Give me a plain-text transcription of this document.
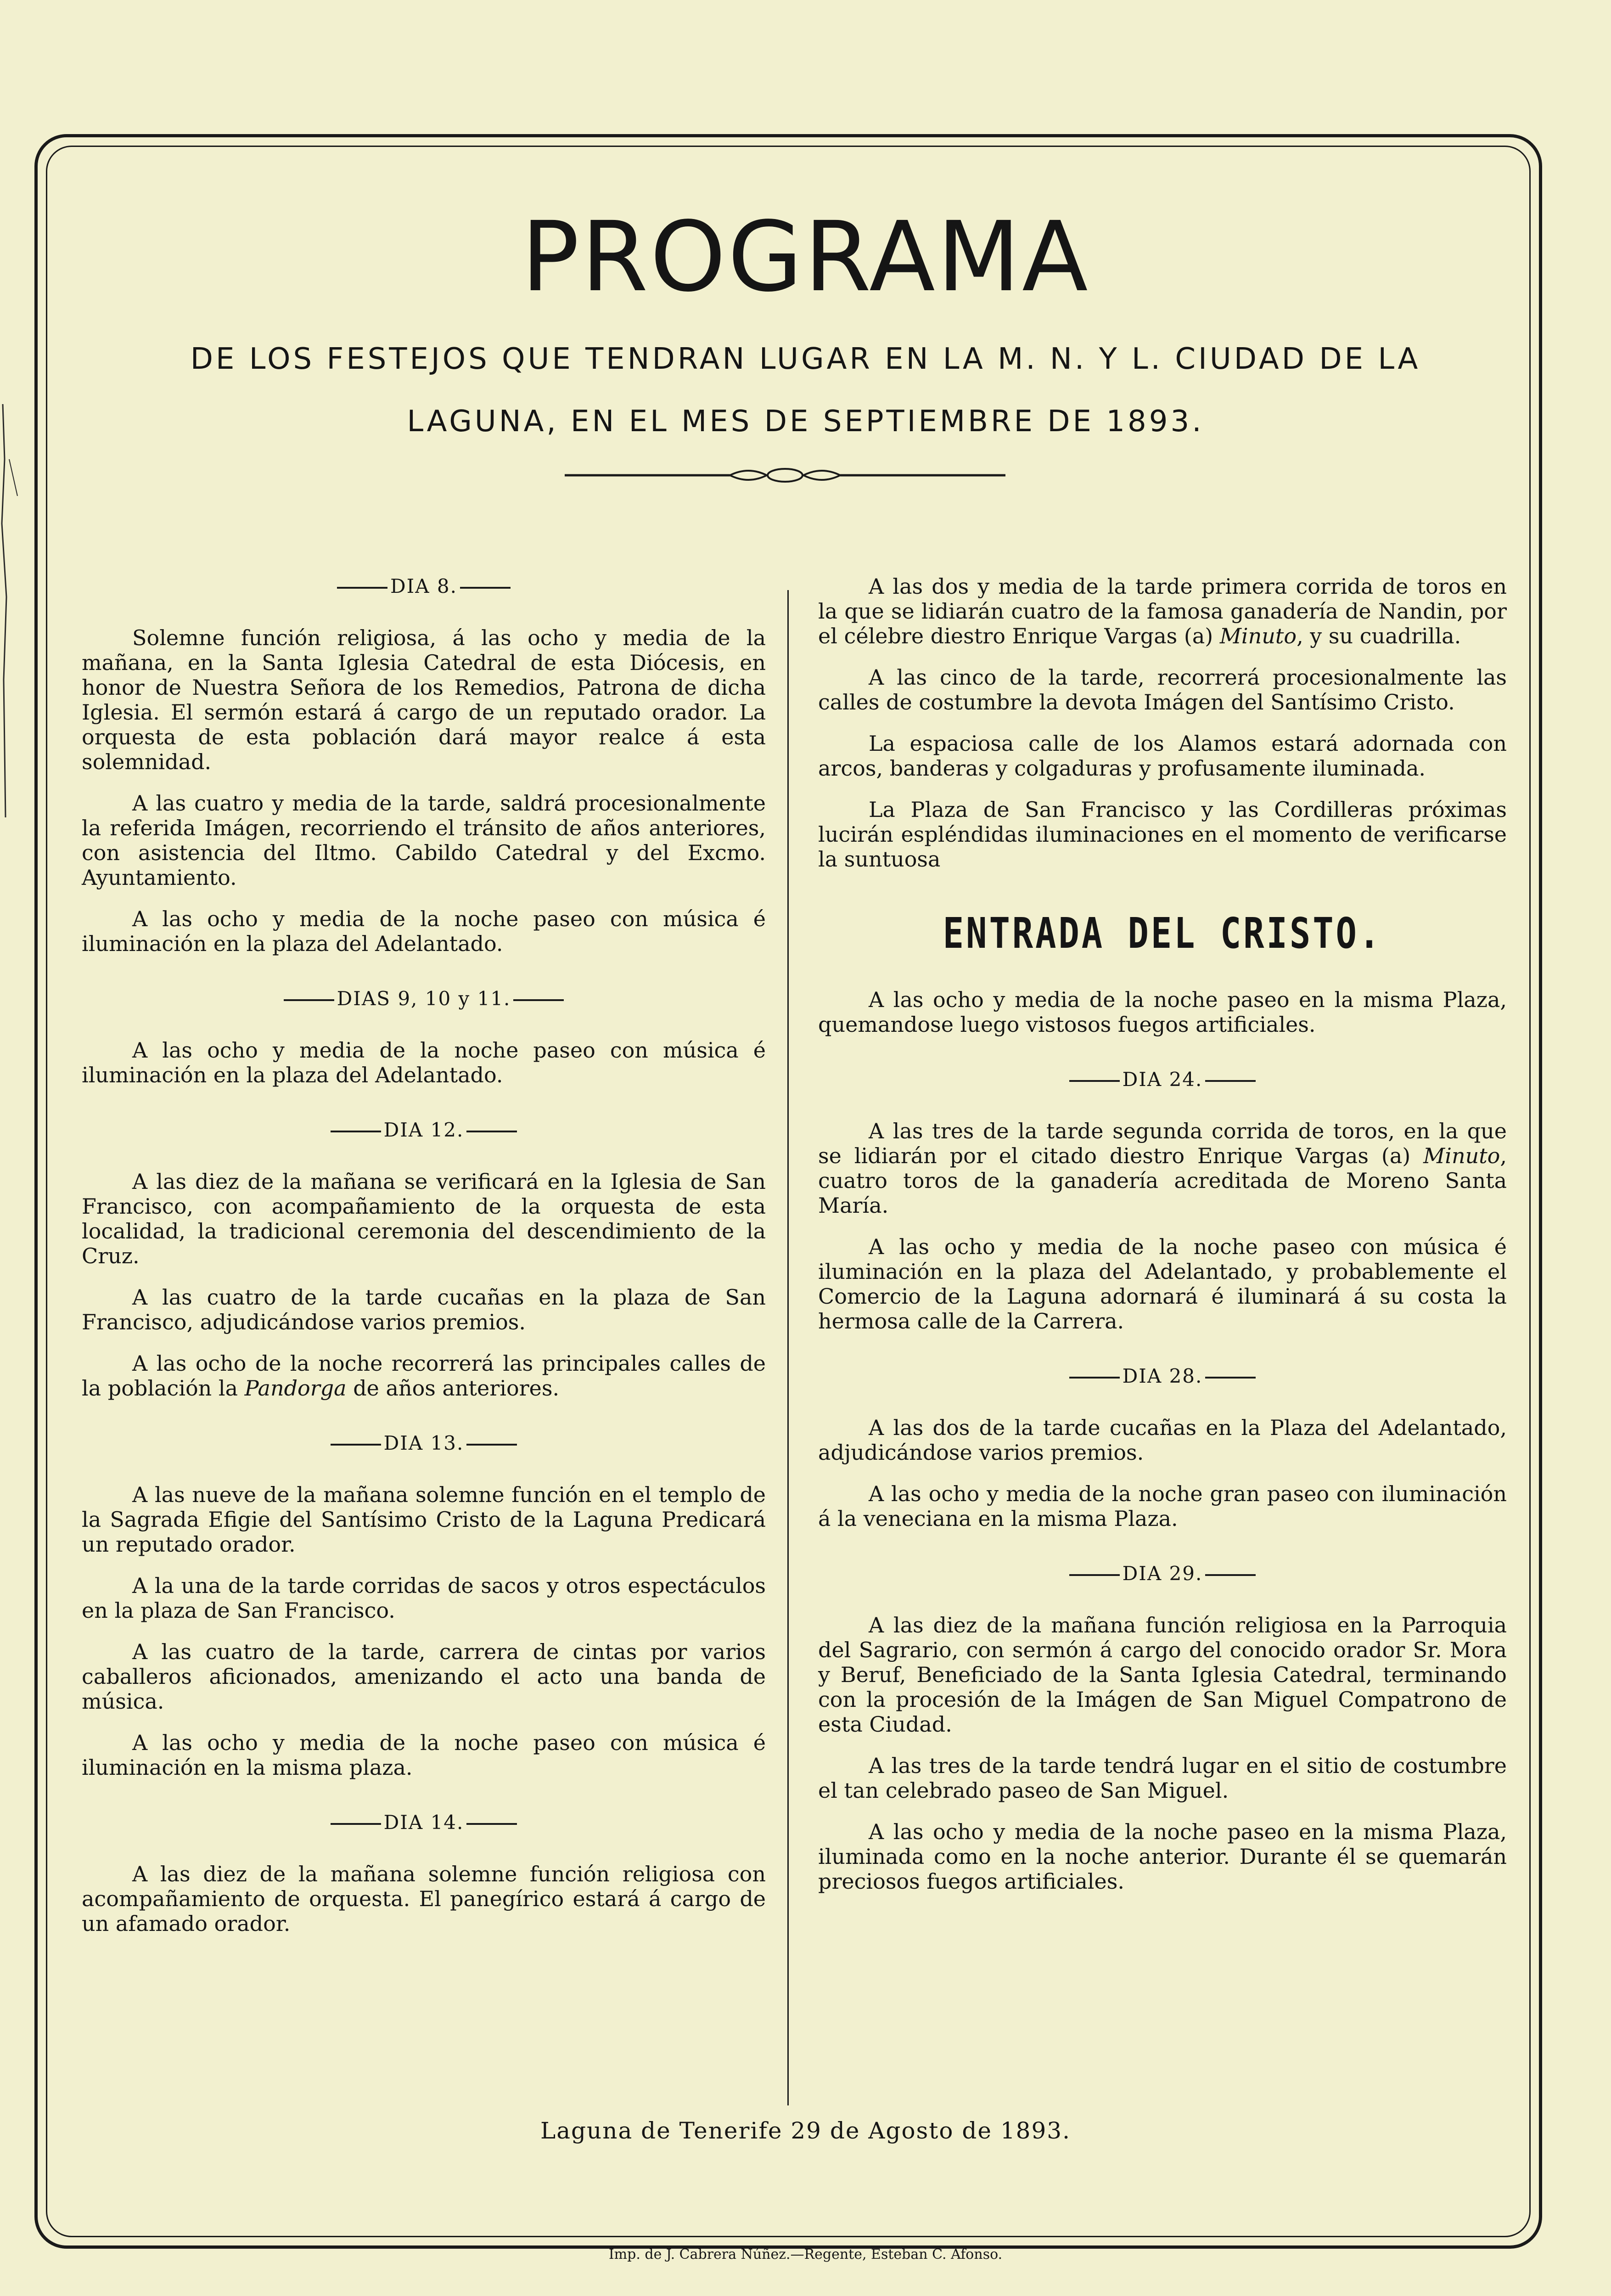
PROGRAMA
DE LOS FESTEJOS QUE TENDRAN LUGAR EN LA M. N. Y L. CIUDAD DE LA
LAGUNA, EN EL MES DE SEPTIEMBRE DE 1893.
DIA 8.

Solemne función religiosa, á las ocho y media de la mañana, en la Santa Iglesia Catedral de esta Diócesis, en honor de Nuestra Señora de los Remedios, Patrona de dicha Iglesia. El sermón estará á cargo de un reputado orador. La orquesta de esta población dará mayor realce á esta solemnidad.

A las cuatro y media de la tarde, saldrá procesionalmente la referida Imágen, recorriendo el tránsito de años anteriores, con asistencia del Iltmo. Cabildo Catedral y del Excmo. Ayuntamiento.

A las ocho y media de la noche paseo con música é iluminación en la plaza del Adelantado.

DIAS 9, 10 y 11.

A las ocho y media de la noche paseo con música é iluminación en la plaza del Adelantado.

DIA 12.

A las diez de la mañana se verificará en la Iglesia de San Francisco, con acompañamiento de la orquesta de esta localidad, la tradicional ceremonia del descendimiento de la Cruz.

A las cuatro de la tarde cucañas en la plaza de San Francisco, adjudicándose varios premios.

A las ocho de la noche recorrerá las principales calles de la población la Pandorga de años anteriores.

DIA 13.

A las nueve de la mañana solemne función en el templo de la Sagrada Efigie del Santísimo Cristo de la Laguna Predicará un reputado orador.

A la una de la tarde corridas de sacos y otros espectáculos en la plaza de San Francisco.

A las cuatro de la tarde, carrera de cintas por varios caballeros aficionados, amenizando el acto una banda de música.

A las ocho y media de la noche paseo con música é iluminación en la misma plaza.

DIA 14.

A las diez de la mañana solemne función religiosa con acompañamiento de orquesta. El panegírico estará á cargo de un afamado orador.

A las dos y media de la tarde primera corrida de toros en la que se lidiarán cuatro de la famosa ganadería de Nandin, por el célebre diestro Enrique Vargas (a) Minuto, y su cuadrilla.

A las cinco de la tarde, recorrerá procesionalmente las calles de costumbre la devota Imágen del Santísimo Cristo.

La espaciosa calle de los Alamos estará adornada con arcos, banderas y colgaduras y profusamente iluminada.

La Plaza de San Francisco y las Cordilleras próximas lucirán espléndidas iluminaciones en el momento de verificarse la suntuosa

ENTRADA DEL CRISTO.

A las ocho y media de la noche paseo en la misma Plaza, quemandose luego vistosos fuegos artificiales.

DIA 24.

A las tres de la tarde segunda corrida de toros, en la que se lidiarán por el citado diestro Enrique Vargas (a) Minuto, cuatro toros de la ganadería acreditada de Moreno Santa María.

A las ocho y media de la noche paseo con música é iluminación en la plaza del Adelantado, y probablemente el Comercio de la Laguna adornará é iluminará á su costa la hermosa calle de la Carrera.

DIA 28.

A las dos de la tarde cucañas en la Plaza del Adelantado, adjudicándose varios premios.

A las ocho y media de la noche gran paseo con iluminación á la veneciana en la misma Plaza.

DIA 29.

A las diez de la mañana función religiosa en la Parroquia del Sagrario, con sermón á cargo del conocido orador Sr. Mora y Beruf, Beneficiado de la Santa Iglesia Catedral, terminando con la procesión de la Imágen de San Miguel Compatrono de esta Ciudad.

A las tres de la tarde tendrá lugar en el sitio de costumbre el tan celebrado paseo de San Miguel.

A las ocho y media de la noche paseo en la misma Plaza, iluminada como en la noche anterior. Durante él se quemarán preciosos fuegos artificiales.

Laguna de Tenerife 29 de Agosto de 1893.
Imp. de J. Cabrera Núñez.—Regente, Esteban C. Afonso.
